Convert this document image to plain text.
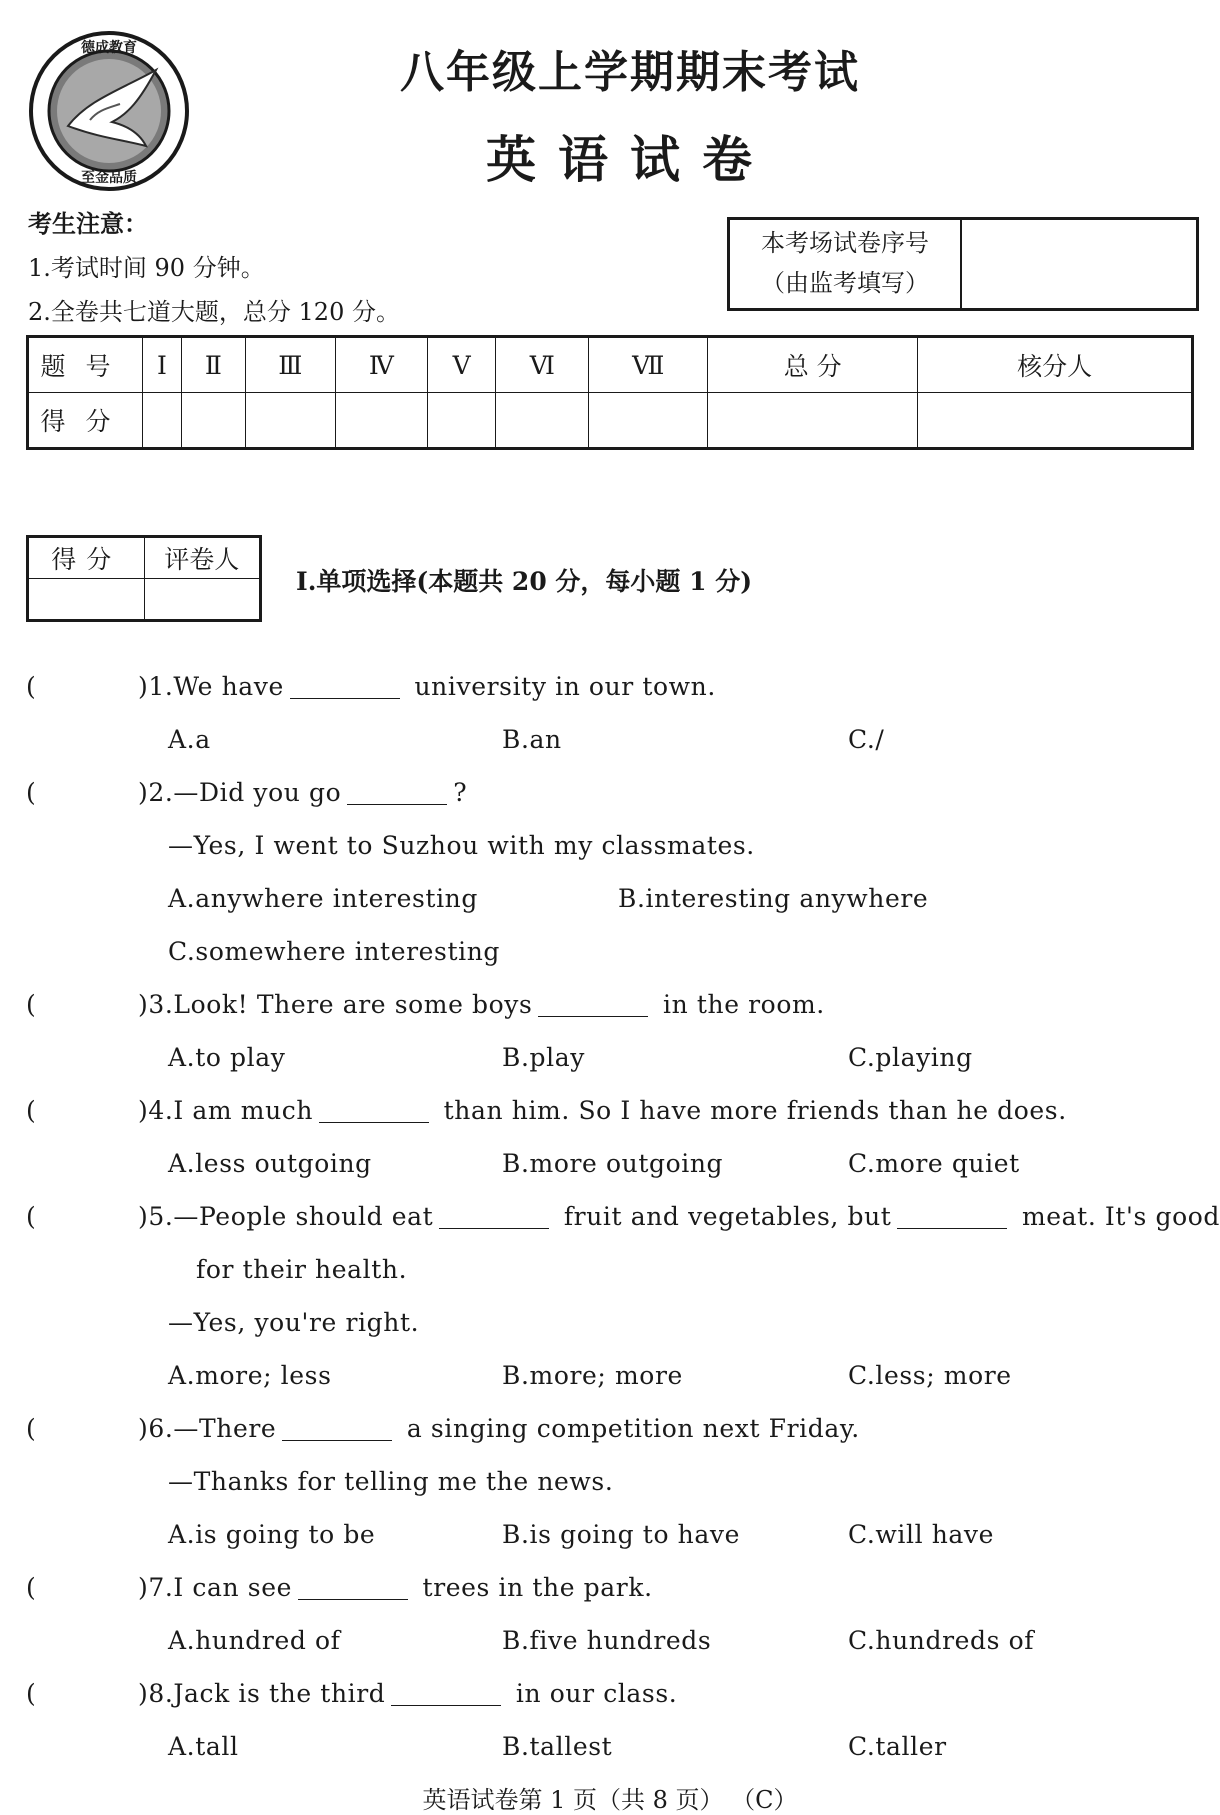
德成教育
至金品质
八年级上学期期末考试
英语试卷
考生注意：
1.考试时间 90 分钟。
2.全卷共七道大题，总分 120 分。
本考场试卷序号
（由监考填写）
题号	Ⅰ	Ⅱ	Ⅲ	Ⅳ	Ⅴ	Ⅵ	Ⅶ	总 分	核分人
得分									
得分	评卷人

Ⅰ.单项选择(本题共 20 分，每小题 1 分)
(	)1.We have	university in our town.
A.a	B.an	C./
(	)2.—Did you go	?
—Yes, I went to Suzhou with my classmates.
A.anywhere interesting	B.interesting anywhere
C.somewhere interesting
(	)3.Look! There are some boys	in the room.
A.to play	B.play	C.playing
(	)4.I am much	than him. So I have more friends than he does.
A.less outgoing	B.more outgoing	C.more quiet
(	)5.—People should eat	fruit and vegetables, but	meat. It's good
for their health.
—Yes, you're right.
A.more; less	B.more; more	C.less; more
(	)6.—There	a singing competition next Friday.
—Thanks for telling me the news.
A.is going to be	B.is going to have	C.will have
(	)7.I can see	trees in the park.
A.hundred of	B.five hundreds	C.hundreds of
(	)8.Jack is the third	in our class.
A.tall	B.tallest	C.taller
英语试卷第 1 页（共 8 页） （C）
